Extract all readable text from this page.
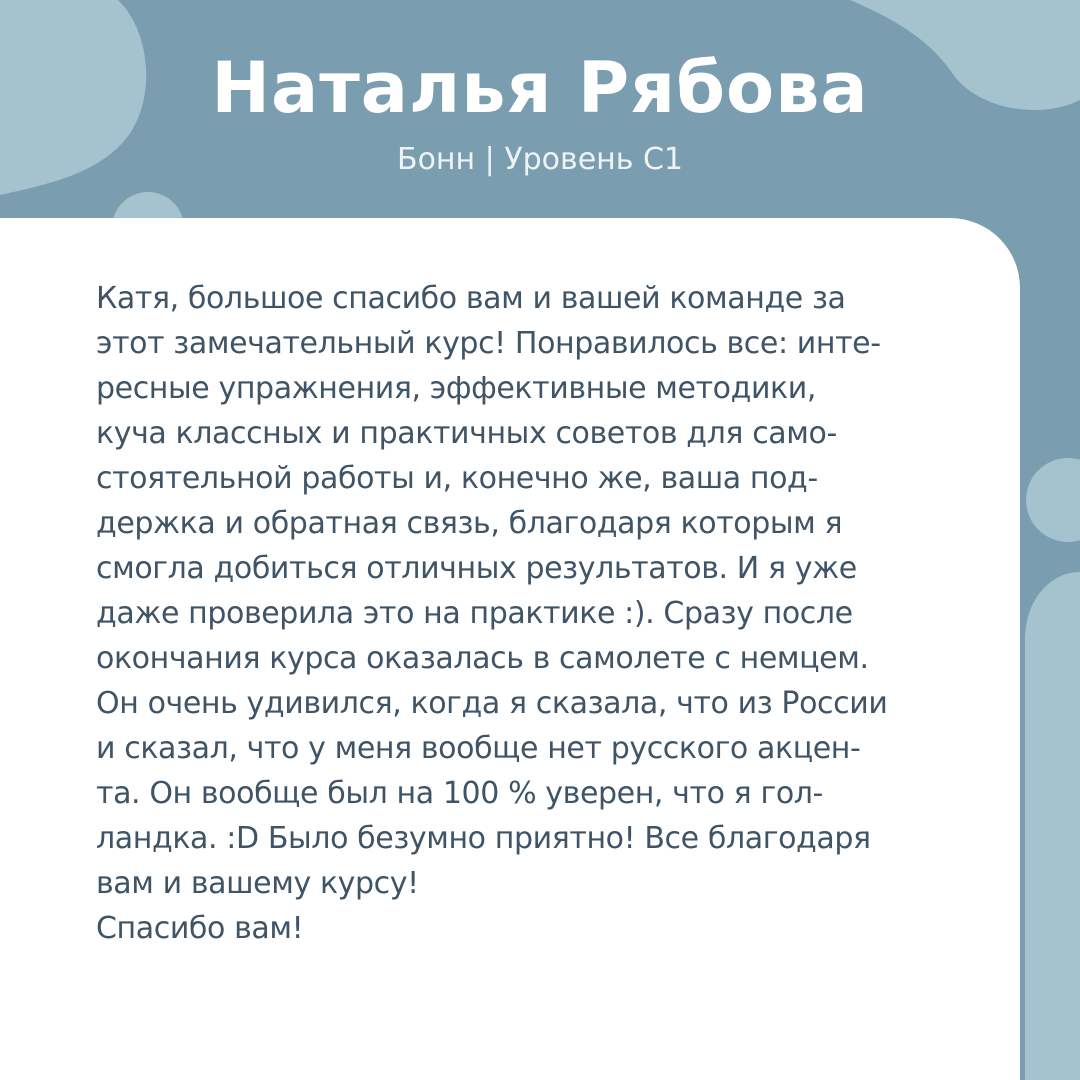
Наталья Рябова

Бонн | Уровень C1

Катя, большое спасибо вам и вашей команде за
этот замечательный курс! Понравилось все: инте-
ресные упражнения, эффективные методики,
куча классных и практичных советов для само-
стоятельной работы и, конечно же, ваша под-
держка и обратная связь, благодаря которым я
смогла добиться отличных результатов. И я уже
даже проверила это на практике :). Сразу после
окончания курса оказалась в самолете с немцем.
Он очень удивился, когда я сказала, что из России
и сказал, что у меня вообще нет русского акцен-
та. Он вообще был на 100 % уверен, что я гол-
ландка. :D Было безумно приятно! Все благодаря
вам и вашему курсу!
Спасибо вам!
